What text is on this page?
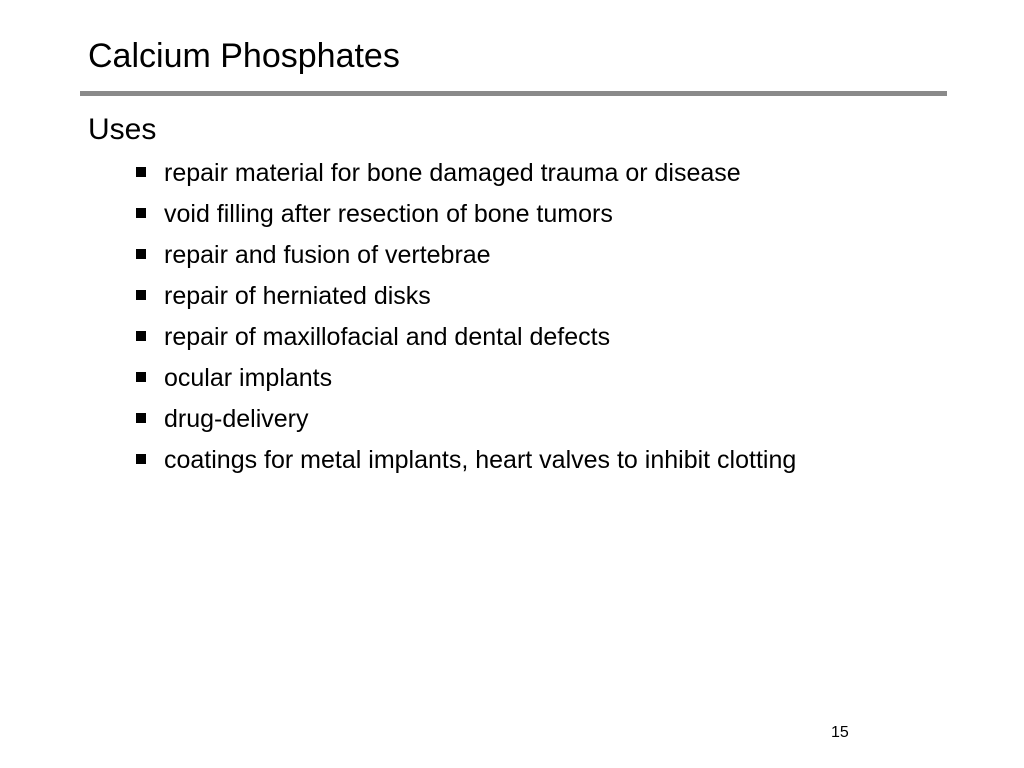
Calcium Phosphates
Uses
repair material for bone damaged trauma or disease
void filling after resection of bone tumors
repair and fusion of vertebrae
repair of herniated disks
repair of maxillofacial and dental defects
ocular implants
drug-delivery
coatings for metal implants, heart valves to inhibit clotting
15
